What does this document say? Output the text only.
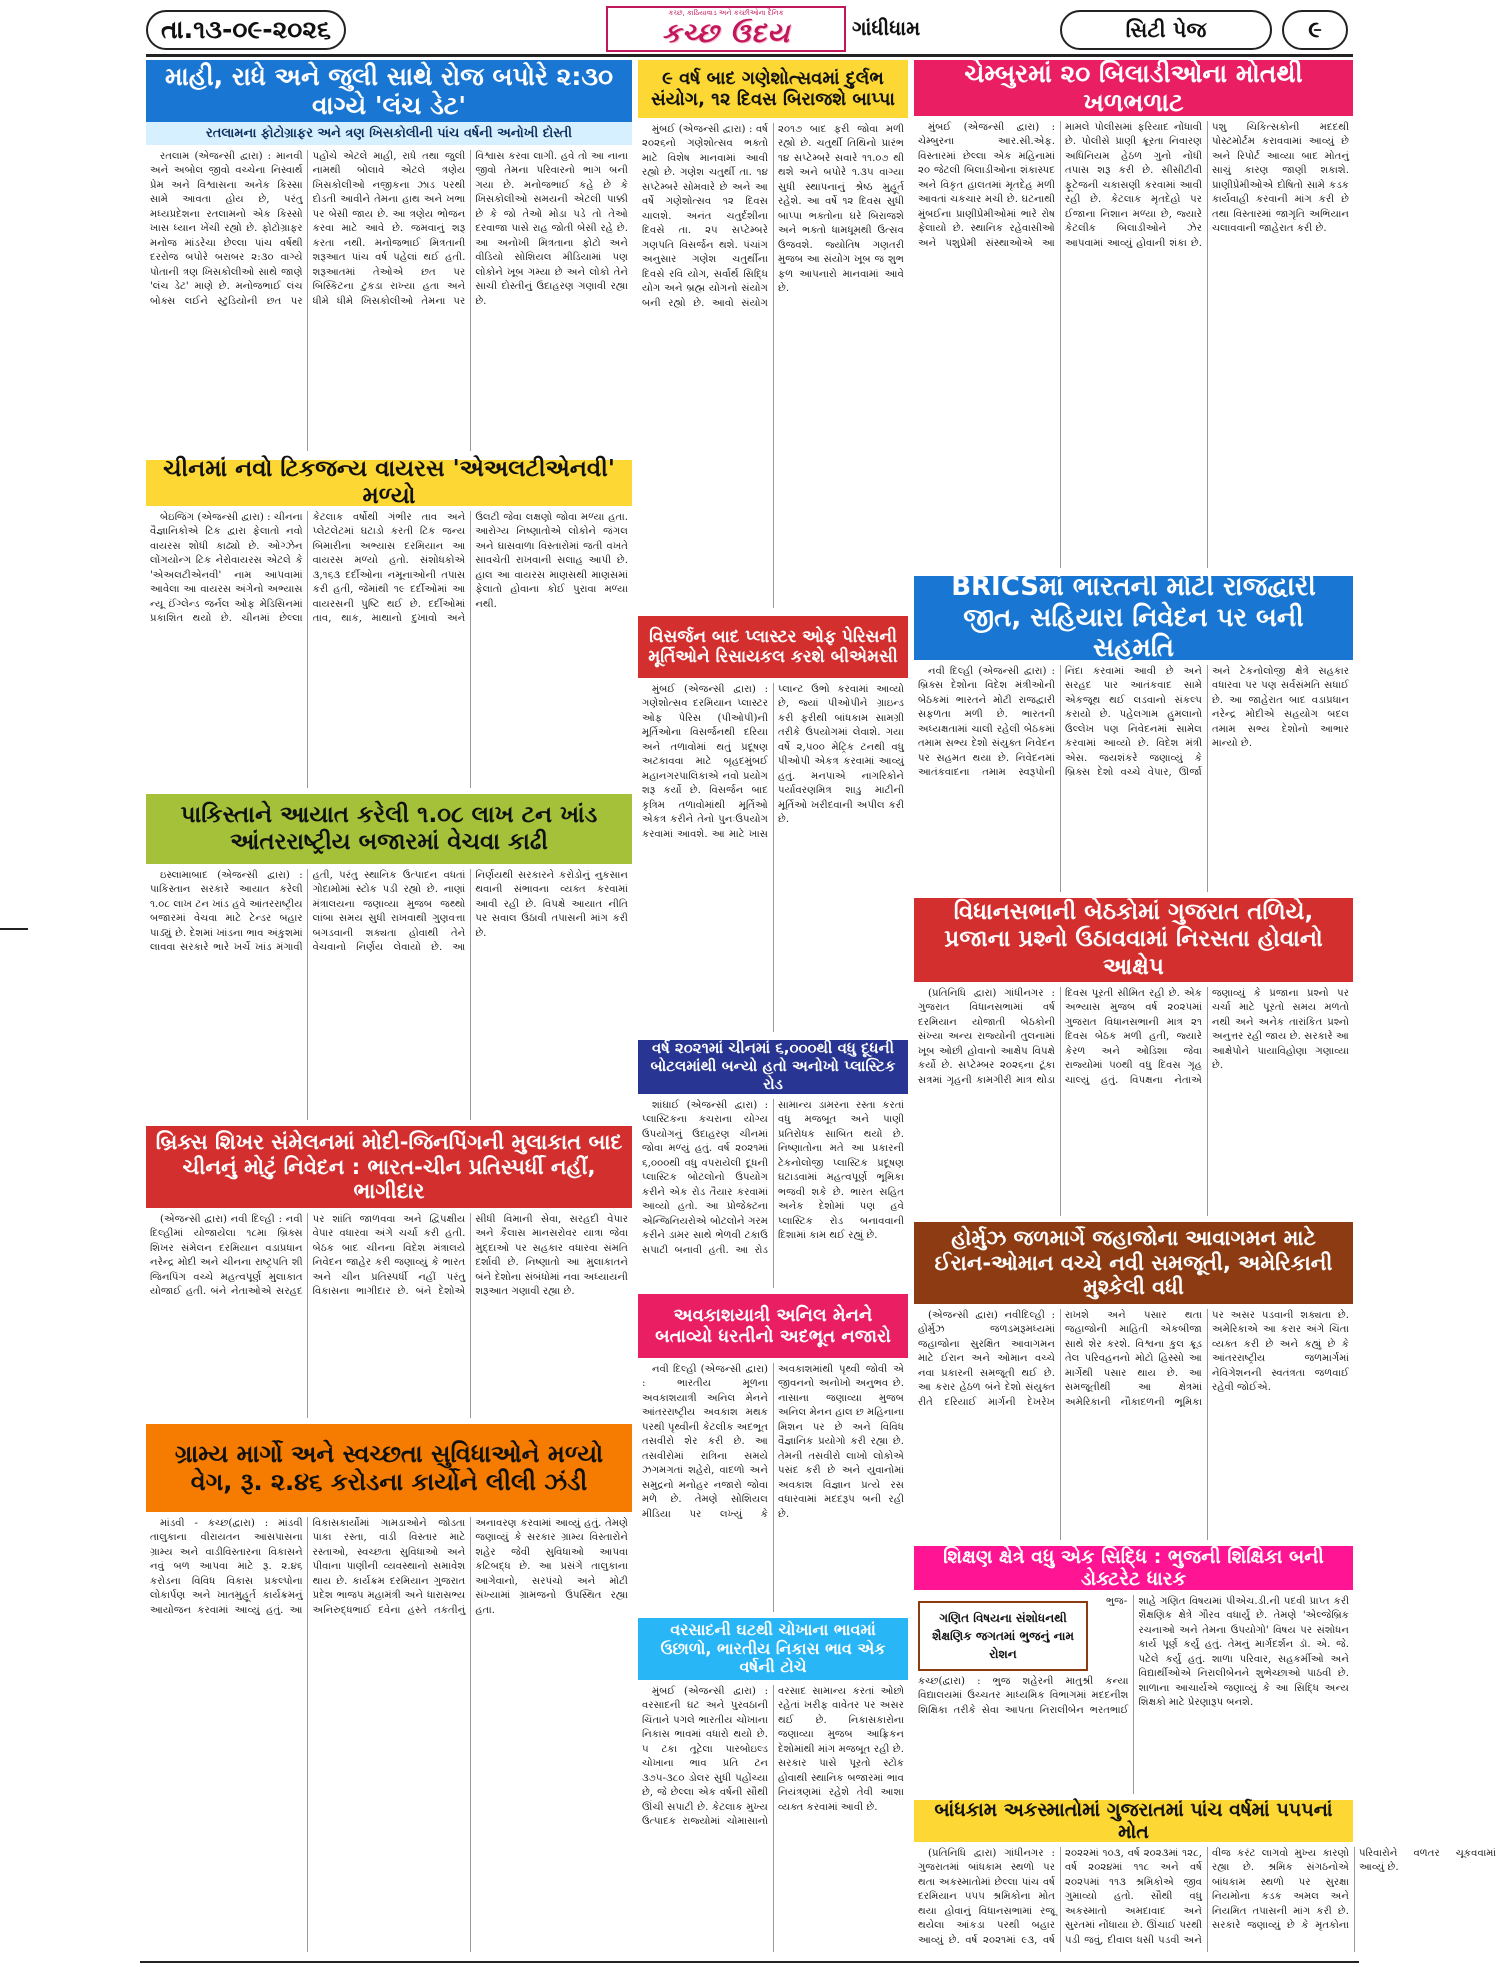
તા.૧૩-૦૯-૨૦૨૬
કચ્છ, કાઠિયાવાડ અને કચ્છીઓના દૈનિક
કચ્છ ઉદય	ગાંધીધામ	સિટી પેજ	૯
માહી, રાધે અને જુલી સાથે રોજ બપોરે ૨:૩૦ વાગ્યે 'લંચ ડેટ'
રતલામના ફોટોગ્રાફર અને ત્રણ ખિસકોલીની પાંચ વર્ષની અનોખી દોસ્તી

રતલામ (એજન્સી દ્વારા) : માનવી અને અબોલ જીવો વચ્ચેના નિસ્વાર્થ પ્રેમ અને વિશ્વાસના અનેક કિસ્સા સામે આવતા હોય છે, પરંતુ મધ્યપ્રદેશના રતલામનો એક કિસ્સો ખાસ ધ્યાન ખેંચી રહ્યો છે. ફોટોગ્રાફર મનોજ માંડરેચા છેલ્લા પાંચ વર્ષથી દરરોજ બપોરે બરાબર ૨:૩૦ વાગ્યે પોતાની ત્રણ ખિસકોલીઓ સાથે જાણે 'લંચ ડેટ' માણે છે. મનોજભાઈ લંચ બોક્સ લઈને સ્ટુડિયોની છત પર પહોંચે એટલે માહી, રાધે તથા જુલી નામથી બોલાવે એટલે ત્રણેય ખિસકોલીઓ નજીકના ઝાડ પરથી દોડતી આવીને તેમના હાથ અને ખભા પર બેસી જાય છે. આ ત્રણેય ભોજન કરવા માટે આવે છે. જમવાનું શરૂ કરતા નથી. મનોજભાઈ મિત્રતાની શરૂઆત પાંચ વર્ષ પહેલાં થઈ હતી. શરૂઆતમાં તેઓએ છત પર બિસ્કિટના ટુકડા રાખ્યા હતા અને ધીમે ધીમે ખિસકોલીઓ તેમના પર વિશ્વાસ કરવા લાગી. હવે તો આ નાના જીવો તેમના પરિવારનો ભાગ બની ગયા છે. મનોજભાઈ કહે છે કે ખિસકોલીઓ સમયની એટલી પાક્કી છે કે જો તેઓ મોડા પડે તો તેઓ દરવાજા પાસે રાહ જોતી બેસી રહે છે. આ અનોખી મિત્રતાના ફોટો અને વીડિયો સોશિયલ મીડિયામાં પણ લોકોને ખૂબ ગમ્યા છે અને લોકો તેને સાચી દોસ્તીનું ઉદાહરણ ગણાવી રહ્યા છે.

૯ વર્ષ બાદ ગણેશોત્સવમાં દુર્લભ સંયોગ, ૧૨ દિવસ બિરાજશે બાપ્પા

મુંબઈ (એજન્સી દ્વારા) : વર્ષ ૨૦૨૬નો ગણેશોત્સવ ભક્તો માટે વિશેષ માનવામાં આવી રહ્યો છે. ગણેશ ચતુર્થી તા. ૧૪ સપ્ટેમ્બરે સોમવારે છે અને આ વર્ષે ગણેશોત્સવ ૧૨ દિવસ ચાલશે. અનંત ચતુર્દશીના દિવસે તા. ૨૫ સપ્ટેમ્બરે ગણપતિ વિસર્જન થશે. પંચાંગ અનુસાર ગણેશ ચતુર્થીના દિવસે રવિ યોગ, સર્વાર્થ સિદ્ધિ યોગ અને બ્રહ્મ યોગનો સંયોગ બની રહ્યો છે. આવો સંયોગ ૨૦૧૭ બાદ ફરી જોવા મળી રહ્યો છે. ચતુર્થી તિથિનો પ્રારંભ ૧૪ સપ્ટેમ્બરે સવારે ૧૧.૦૭ થી થશે અને બપોરે ૧.૩૫ વાગ્યા સુધી સ્થાપનાનું શ્રેષ્ઠ મુહૂર્ત રહેશે. આ વર્ષે ૧૨ દિવસ સુધી બાપ્પા ભક્તોના ઘરે બિરાજશે અને ભક્તો ધામધૂમથી ઉત્સવ ઉજવશે. જ્યોતિષ ગણતરી મુજબ આ સંયોગ ખૂબ જ શુભ ફળ આપનારો માનવામાં આવે છે.

ચેમ્બુરમાં ૨૦ બિલાડીઓના મોતથી ખળભળાટ

મુંબઈ (એજન્સી દ્વારા) : ચેમ્બુરના આર.સી.એફ. વિસ્તારમાં છેલ્લા એક મહિનામાં ૨૦ જેટલી બિલાડીઓના શંકાસ્પદ અને વિકૃત હાલતમાં મૃતદેહ મળી આવતાં ચકચાર મચી છે. ઘટનાથી મુંબઈના પ્રાણીપ્રેમીઓમાં ભારે રોષ ફેલાયો છે. સ્થાનિક રહેવાસીઓ અને પશુપ્રેમી સંસ્થાઓએ આ મામલે પોલીસમાં ફરિયાદ નોંધાવી છે. પોલીસે પ્રાણી ક્રૂરતા નિવારણ અધિનિયમ હેઠળ ગુનો નોંધી તપાસ શરૂ કરી છે. સીસીટીવી ફૂટેજની ચકાસણી કરવામાં આવી રહી છે. કેટલાક મૃતદેહો પર ઈજાના નિશાન મળ્યા છે, જ્યારે કેટલીક બિલાડીઓને ઝેર આપવામાં આવ્યું હોવાની શંકા છે. પશુ ચિકિત્સકોની મદદથી પોસ્ટમોર્ટમ કરાવવામાં આવ્યું છે અને રિપોર્ટ આવ્યા બાદ મોતનું સાચું કારણ જાણી શકાશે. પ્રાણીપ્રેમીઓએ દોષિતો સામે કડક કાર્યવાહી કરવાની માંગ કરી છે તથા વિસ્તારમાં જાગૃતિ અભિયાન ચલાવવાની જાહેરાત કરી છે.

ચીનમાં નવો ટિકજન્ય વાયરસ 'એઅલટીએનવી' મળ્યો

બેઇજિંગ (એજન્સી દ્વારા) : ચીનના વૈજ્ઞાનિકોએ ટિક દ્વારા ફેલાતો નવો વાયરસ શોધી કાઢ્યો છે. ઓગ્ઝેન લોંગયોન્ગ ટિક નેરોવાયરસ એટલે કે 'એઅલટીએનવી' નામ આપવામાં આવેલા આ વાયરસ અંગેનો અભ્યાસ ન્યૂ ઈંગ્લેન્ડ જર્નલ ઓફ મેડિસિનમાં પ્રકાશિત થયો છે. ચીનમાં છેલ્લા કેટલાક વર્ષોથી ગંભીર તાવ અને પ્લેટલેટમાં ઘટાડો કરતી ટિક જન્ય બિમારીના અભ્યાસ દરમિયાન આ વાયરસ મળ્યો હતો. સંશોધકોએ ૩,૧૬૩ દર્દીઓના નમૂનાઓની તપાસ કરી હતી, જેમાંથી ૧૯ દર્દીઓમાં આ વાયરસની પુષ્ટિ થઈ છે. દર્દીઓમાં તાવ, થાક, માથાનો દુખાવો અને ઉલટી જેવા લક્ષણો જોવા મળ્યા હતા. આરોગ્ય નિષ્ણાતોએ લોકોને જંગલ અને ઘાસવાળા વિસ્તારોમાં જતી વખતે સાવચેતી રાખવાની સલાહ આપી છે. હાલ આ વાયરસ માણસથી માણસમાં ફેલાતો હોવાના કોઈ પુરાવા મળ્યા નથી.

વિસર્જન બાદ પ્લાસ્ટર ઓફ પેરિસની મૂર્તિઓને રિસાયકલ કરશે બીએમસી

મુંબઈ (એજન્સી દ્વારા) : ગણેશોત્સવ દરમિયાન પ્લાસ્ટર ઓફ પેરિસ (પીઓપી)ની મૂર્તિઓના વિસર્જનથી દરિયા અને તળાવોમાં થતું પ્રદૂષણ અટકાવવા માટે બૃહદમુંબઈ મહાનગરપાલિકાએ નવો પ્રયોગ શરૂ કર્યો છે. વિસર્જન બાદ કૃત્રિમ તળાવોમાંથી મૂર્તિઓ એકત્ર કરીને તેનો પુનઃઉપયોગ કરવામાં આવશે. આ માટે ખાસ પ્લાન્ટ ઉભો કરવામાં આવ્યો છે, જ્યાં પીઓપીને ગ્રાઇન્ડ કરી ફરીથી બાંધકામ સામગ્રી તરીકે ઉપયોગમાં લેવાશે. ગયા વર્ષે ૨,૫૦૦ મેટ્રિક ટનથી વધુ પીઓપી એકત્ર કરવામાં આવ્યું હતું. મનપાએ નાગરિકોને પર્યાવરણમિત્ર શાડુ માટીની મૂર્તિઓ ખરીદવાની અપીલ કરી છે.

BRICSમાં ભારતની મોટી રાજદ્વારી જીત, સહિયારા નિવેદન પર બની સહમતિ

નવી દિલ્હી (એજન્સી દ્વારા) : બ્રિક્સ દેશોના વિદેશ મંત્રીઓની બેઠકમાં ભારતને મોટી રાજદ્વારી સફળતા મળી છે. ભારતની અધ્યક્ષતામાં ચાલી રહેલી બેઠકમાં તમામ સભ્ય દેશો સંયુક્ત નિવેદન પર સહમત થયા છે. નિવેદનમાં આતંકવાદના તમામ સ્વરૂપોની નિંદા કરવામાં આવી છે અને સરહદ પાર આતંકવાદ સામે એકજૂથ થઈ લડવાનો સંકલ્પ કરાયો છે. પહેલગામ હુમલાનો ઉલ્લેખ પણ નિવેદનમાં સામેલ કરવામાં આવ્યો છે. વિદેશ મંત્રી એસ. જયશંકરે જણાવ્યું કે બ્રિક્સ દેશો વચ્ચે વેપાર, ઊર્જા અને ટેકનોલોજી ક્ષેત્રે સહકાર વધારવા પર પણ સર્વસંમતિ સધાઈ છે. આ જાહેરાત બાદ વડાપ્રધાન નરેન્દ્ર મોદીએ સહયોગ બદલ તમામ સભ્ય દેશોનો આભાર માન્યો છે.

પાકિસ્તાને આયાત કરેલી ૧.૦૮ લાખ ટન ખાંડ આંતરરાષ્ટ્રીય બજારમાં વેચવા કાઢી

ઇસ્લામાબાદ (એજન્સી દ્વારા) : પાકિસ્તાન સરકારે આયાત કરેલી ૧.૦૮ લાખ ટન ખાંડ હવે આંતરરાષ્ટ્રીય બજારમાં વેચવા માટે ટેન્ડર બહાર પાડ્યું છે. દેશમાં ખાંડના ભાવ અંકુશમાં લાવવા સરકારે ભારે ખર્ચે ખાંડ મંગાવી હતી, પરંતુ સ્થાનિક ઉત્પાદન વધતાં ગોદામોમાં સ્ટોક પડી રહ્યો છે. નાણાં મંત્રાલયના જણાવ્યા મુજબ જથ્થો લાંબા સમય સુધી રાખવાથી ગુણવત્તા બગડવાની શક્યતા હોવાથી તેને વેચવાનો નિર્ણય લેવાયો છે. આ નિર્ણયથી સરકારને કરોડોનું નુકસાન થવાની સંભાવના વ્યક્ત કરવામાં આવી રહી છે. વિપક્ષે આયાત નીતિ પર સવાલ ઉઠાવી તપાસની માંગ કરી છે.

વર્ષ ૨૦૨૧માં ચીનમાં ૬,૦૦૦થી વધુ દૂધની બોટલમાંથી બન્યો હતો અનોખો પ્લાસ્ટિક રોડ

શાંઘાઈ (એજન્સી દ્વારા) : પ્લાસ્ટિકના કચરાના યોગ્ય ઉપયોગનું ઉદાહરણ ચીનમાં જોવા મળ્યું હતું. વર્ષ ૨૦૨૧માં ૬,૦૦૦થી વધુ વપરાયેલી દૂધની પ્લાસ્ટિક બોટલોનો ઉપયોગ કરીને એક રોડ તૈયાર કરવામાં આવ્યો હતો. આ પ્રોજેક્ટના એન્જિનિયરોએ બોટલોને ગરમ કરીને ડામર સાથે ભેળવી ટકાઉ સપાટી બનાવી હતી. આ રોડ સામાન્ય ડામરના રસ્તા કરતાં વધુ મજબૂત અને પાણી પ્રતિરોધક સાબિત થયો છે. નિષ્ણાતોના મતે આ પ્રકારની ટેકનોલોજી પ્લાસ્ટિક પ્રદૂષણ ઘટાડવામાં મહત્વપૂર્ણ ભૂમિકા ભજવી શકે છે. ભારત સહિત અનેક દેશોમાં પણ હવે પ્લાસ્ટિક રોડ બનાવવાની દિશામાં કામ થઈ રહ્યું છે.

વિધાનસભાની બેઠકોમાં ગુજરાત તળિયે, પ્રજાના પ્રશ્નો ઉઠાવવામાં નિરસતા હોવાનો આક્ષેપ

(પ્રતિનિધિ દ્વારા) ગાંધીનગર : ગુજરાત વિધાનસભામાં વર્ષ દરમિયાન યોજાતી બેઠકોની સંખ્યા અન્ય રાજ્યોની તુલનામાં ખૂબ ઓછી હોવાનો આક્ષેપ વિપક્ષે કર્યો છે. સપ્ટેમ્બર ૨૦૨૬ના ટૂંકા સત્રમાં ગૃહની કામગીરી માત્ર થોડા દિવસ પૂરતી સીમિત રહી છે. એક અભ્યાસ મુજબ વર્ષ ૨૦૨૫માં ગુજરાત વિધાનસભાની માત્ર ૨૧ દિવસ બેઠક મળી હતી, જ્યારે કેરળ અને ઓડિશા જેવા રાજ્યોમાં ૫૦થી વધુ દિવસ ગૃહ ચાલ્યું હતું. વિપક્ષના નેતાએ જણાવ્યું કે પ્રજાના પ્રશ્નો પર ચર્ચા માટે પૂરતો સમય મળતો નથી અને અનેક તારાંકિત પ્રશ્નો અનુત્તર રહી જાય છે. સરકારે આ આક્ષેપોને પાયાવિહોણા ગણાવ્યા છે.

બ્રિક્સ શિખર સંમેલનમાં મોદી-જિનપિંગની મુલાકાત બાદ ચીનનું મોટું નિવેદન : ભારત-ચીન પ્રતિસ્પર્ધી નહીં, ભાગીદાર

(એજન્સી દ્વારા) નવી દિલ્હી : નવી દિલ્હીમાં યોજાયેલા ૧૮મા બ્રિક્સ શિખર સંમેલન દરમિયાન વડાપ્રધાન નરેન્દ્ર મોદી અને ચીનના રાષ્ટ્રપતિ શી જિનપિંગ વચ્ચે મહત્વપૂર્ણ મુલાકાત યોજાઈ હતી. બંને નેતાઓએ સરહદ પર શાંતિ જાળવવા અને દ્વિપક્ષીય વેપાર વધારવા અંગે ચર્ચા કરી હતી. બેઠક બાદ ચીનના વિદેશ મંત્રાલયે નિવેદન જાહેર કરી જણાવ્યું કે ભારત અને ચીન પ્રતિસ્પર્ધી નહીં પરંતુ વિકાસના ભાગીદાર છે. બંને દેશોએ સીધી વિમાની સેવા, સરહદી વેપાર અને કૈલાસ માનસરોવર યાત્રા જેવા મુદ્દાઓ પર સહકાર વધારવા સંમતિ દર્શાવી છે. નિષ્ણાતો આ મુલાકાતને બંને દેશોના સંબંધોમાં નવા અધ્યાયની શરૂઆત ગણાવી રહ્યા છે.

અવકાશયાત્રી અનિલ મેનને બતાવ્યો ધરતીનો અદભૂત નજારો

નવી દિલ્હી (એજન્સી દ્વારા) : ભારતીય મૂળના અવકાશયાત્રી અનિલ મેનને આંતરરાષ્ટ્રીય અવકાશ મથક પરથી પૃથ્વીની કેટલીક અદભૂત તસવીરો શેર કરી છે. આ તસવીરોમાં રાત્રિના સમયે ઝગમગતાં શહેરો, વાદળો અને સમુદ્રનો મનોહર નજારો જોવા મળે છે. તેમણે સોશિયલ મીડિયા પર લખ્યું કે અવકાશમાંથી પૃથ્વી જોવી એ જીવનનો અનોખો અનુભવ છે. નાસાના જણાવ્યા મુજબ અનિલ મેનન હાલ છ મહિનાના મિશન પર છે અને વિવિધ વૈજ્ઞાનિક પ્રયોગો કરી રહ્યા છે. તેમની તસવીરો લાખો લોકોએ પસંદ કરી છે અને યુવાનોમાં અવકાશ વિજ્ઞાન પ્રત્યે રસ વધારવામાં મદદરૂપ બની રહી છે.

હોર્મુઝ જળમાર્ગે જહાજોના આવાગમન માટે ઈરાન-ઓમાન વચ્ચે નવી સમજૂતી, અમેરિકાની મુશ્કેલી વધી

(એજન્સી દ્વારા) નવીદિલ્હી : હોર્મુઝ જળડમરૂમધ્યમાં જહાજોના સુરક્ષિત આવાગમન માટે ઈરાન અને ઓમાન વચ્ચે નવા પ્રકારની સમજૂતી થઈ છે. આ કરાર હેઠળ બંને દેશો સંયુક્ત રીતે દરિયાઈ માર્ગની દેખરેખ રાખશે અને પસાર થતા જહાજોની માહિતી એકબીજા સાથે શેર કરશે. વિશ્વના કુલ ક્રૂડ તેલ પરિવહનનો મોટો હિસ્સો આ માર્ગેથી પસાર થાય છે. આ સમજૂતીથી આ ક્ષેત્રમાં અમેરિકાની નૌકાદળની ભૂમિકા પર અસર પડવાની શક્યતા છે. અમેરિકાએ આ કરાર અંગે ચિંતા વ્યક્ત કરી છે અને કહ્યું છે કે આંતરરાષ્ટ્રીય જળમાર્ગમાં નેવિગેશનની સ્વતંત્રતા જળવાઈ રહેવી જોઈએ.

ગ્રામ્ય માર્ગો અને સ્વચ્છતા સુવિધાઓને મળ્યો વેગ, રૂ. ૨.૪૬ કરોડના કાર્યોને લીલી ઝંડી

માંડવી - કચ્છ(દ્વારા) : માંડવી તાલુકાના વીરાયતન આસપાસના ગ્રામ્ય અને વાડીવિસ્તારના વિકાસને નવું બળ આપવા માટે રૂ. ૨.૪૬ કરોડના વિવિધ વિકાસ પ્રકલ્પોના લોકાર્પણ અને ખાતમુહૂર્ત કાર્યક્રમનું આયોજન કરવામાં આવ્યું હતું. આ વિકાસકાર્યોમાં ગામડાઓને જોડતા પાકા રસ્તા, વાડી વિસ્તાર માટે રસ્તાઓ, સ્વચ્છતા સુવિધાઓ અને પીવાના પાણીની વ્યવસ્થાનો સમાવેશ થાય છે. કાર્યક્રમ દરમિયાન ગુજરાત પ્રદેશ ભાજપ મહામંત્રી અને ધારાસભ્ય અનિરુદ્ધભાઈ દવેના હસ્તે તકતીનું અનાવરણ કરવામાં આવ્યું હતું. તેમણે જણાવ્યું કે સરકાર ગ્રામ્ય વિસ્તારોને શહેર જેવી સુવિધાઓ આપવા કટિબદ્ધ છે. આ પ્રસંગે તાલુકાના આગેવાનો, સરપંચો અને મોટી સંખ્યામાં ગ્રામજનો ઉપસ્થિત રહ્યા હતા.

વરસાદની ઘટથી ચોખાના ભાવમાં ઉછાળો, ભારતીય નિકાસ ભાવ એક વર્ષની ટોચે

મુંબઈ (એજન્સી દ્વારા) : વરસાદની ઘટ અને પુરવઠાની ચિંતાને પગલે ભારતીય ચોખાના નિકાસ ભાવમાં વધારો થયો છે. ૫ ટકા તૂટેલા પારબોઇલ્ડ ચોખાના ભાવ પ્રતિ ટન ૩૭૫-૩૮૦ ડોલર સુધી પહોંચ્યા છે, જે છેલ્લા એક વર્ષની સૌથી ઊંચી સપાટી છે. કેટલાક મુખ્ય ઉત્પાદક રાજ્યોમાં ચોમાસાનો વરસાદ સામાન્ય કરતાં ઓછો રહેતાં ખરીફ વાવેતર પર અસર થઈ છે. નિકાસકારોના જણાવ્યા મુજબ આફ્રિકન દેશોમાંથી માંગ મજબૂત રહી છે. સરકાર પાસે પૂરતો સ્ટોક હોવાથી સ્થાનિક બજારમાં ભાવ નિયંત્રણમાં રહેશે તેવી આશા વ્યક્ત કરવામાં આવી છે.

શિક્ષણ ક્ષેત્રે વધુ એક સિદ્ધિ : ભુજની શિક્ષિકા બની ડોક્ટરેટ ધારક
ગણિત વિષયના સંશોધનથી શૈક્ષણિક જગતમાં ભુજનું નામ રોશન

ભુજ-કચ્છ(દ્વારા) : ભુજ શહેરની માતુશ્રી કન્યા વિદ્યાલયમાં ઉચ્ચતર માધ્યમિક વિભાગમાં મદદનીશ શિક્ષિકા તરીકે સેવા આપતા નિરાલીબેન ભરતભાઈ શાહે ગણિત વિષયમાં પીએચ.ડી.ની પદવી પ્રાપ્ત કરી શૈક્ષણિક ક્ષેત્રે ગૌરવ વધાર્યું છે. તેમણે 'એલ્જેબ્રિક રચનાઓ અને તેમના ઉપયોગો' વિષય પર સંશોધન કાર્ય પૂર્ણ કર્યું હતું. તેમનું માર્ગદર્શન ડૉ. એ. જે. પટેલે કર્યું હતું. શાળા પરિવાર, સહકર્મીઓ અને વિદ્યાર્થીઓએ નિરાલીબેનને શુભેચ્છાઓ પાઠવી છે. શાળાના આચાર્યએ જણાવ્યું કે આ સિદ્ધિ અન્ય શિક્ષકો માટે પ્રેરણારૂપ બનશે.

બાંધકામ અકસ્માતોમાં ગુજરાતમાં પાંચ વર્ષમાં ૫૫૫નાં મોત

(પ્રતિનિધિ દ્વારા) ગાંધીનગર : ગુજરાતમાં બાંધકામ સ્થળો પર થતા અકસ્માતોમાં છેલ્લા પાંચ વર્ષ દરમિયાન ૫૫૫ શ્રમિકોના મોત થયા હોવાનું વિધાનસભામાં રજૂ થયેલા આંકડા પરથી બહાર આવ્યું છે. વર્ષ ૨૦૨૧માં ૯૩, વર્ષ ૨૦૨૨માં ૧૦૩, વર્ષ ૨૦૨૩માં ૧૨૮, વર્ષ ૨૦૨૪માં ૧૧૮ અને વર્ષ ૨૦૨૫માં ૧૧૩ શ્રમિકોએ જીવ ગુમાવ્યો હતો. સૌથી વધુ અકસ્માતો અમદાવાદ અને સુરતમાં નોંધાયા છે. ઊંચાઈ પરથી પડી જવું, દીવાલ ધસી પડવી અને વીજ કરંટ લાગવો મુખ્ય કારણો રહ્યા છે. શ્રમિક સંગઠનોએ બાંધકામ સ્થળો પર સુરક્ષા નિયમોના કડક અમલ અને નિયમિત તપાસની માંગ કરી છે. સરકારે જણાવ્યું છે કે મૃતકોના પરિવારોને વળતર ચૂકવવામાં આવ્યું છે.
